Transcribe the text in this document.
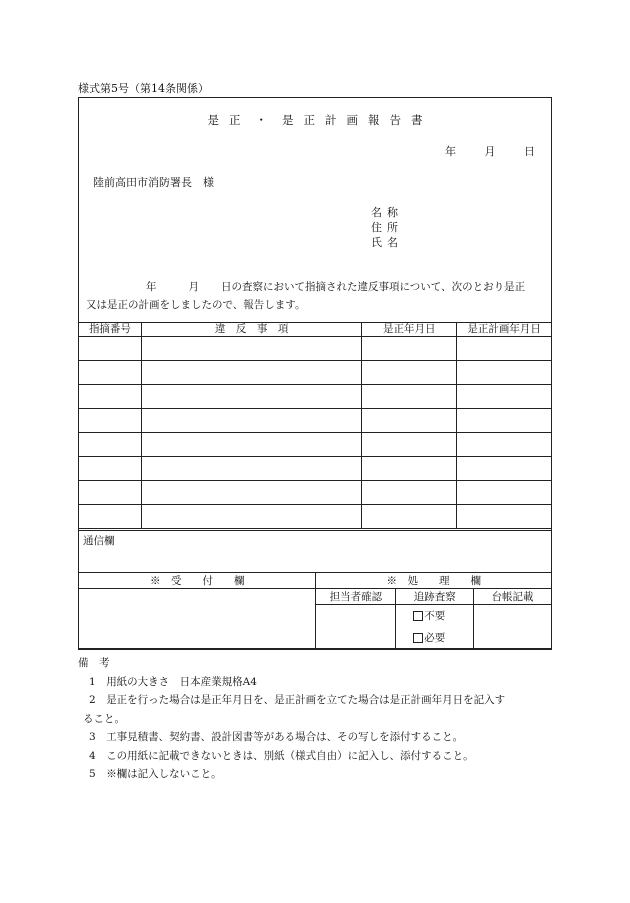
様式第5号（第14条関係）
是 正 ・ 是 正 計 画 報 告 書
年	月	日
陸前高田市消防署長　様
名 称
住 所
氏 名
年	月 日の査察において指摘された違反事項について、次のとおり是正
又は是正の計画をしましたので、報告します。
指摘番号	違　反　事　項	是正年月日	是正計画年月日

通信欄
※　受　　付　　欄	※　処　　理　　欄		
	担当者確認	追跡査察	台帳記載

		不要
必要	

備　考
1　 用紙の大きさ　日本産業規格A4
2　 是正を行った場合は是正年月日を、是正計画を立てた場合は是正計画年月日を記入す
ること。
3　 工事見積書、契約書、設計図書等がある場合は、その写しを添付すること。
4　 この用紙に記載できないときは、別紙（様式自由）に記入し、添付すること。
5　 ※欄は記入しないこと。
